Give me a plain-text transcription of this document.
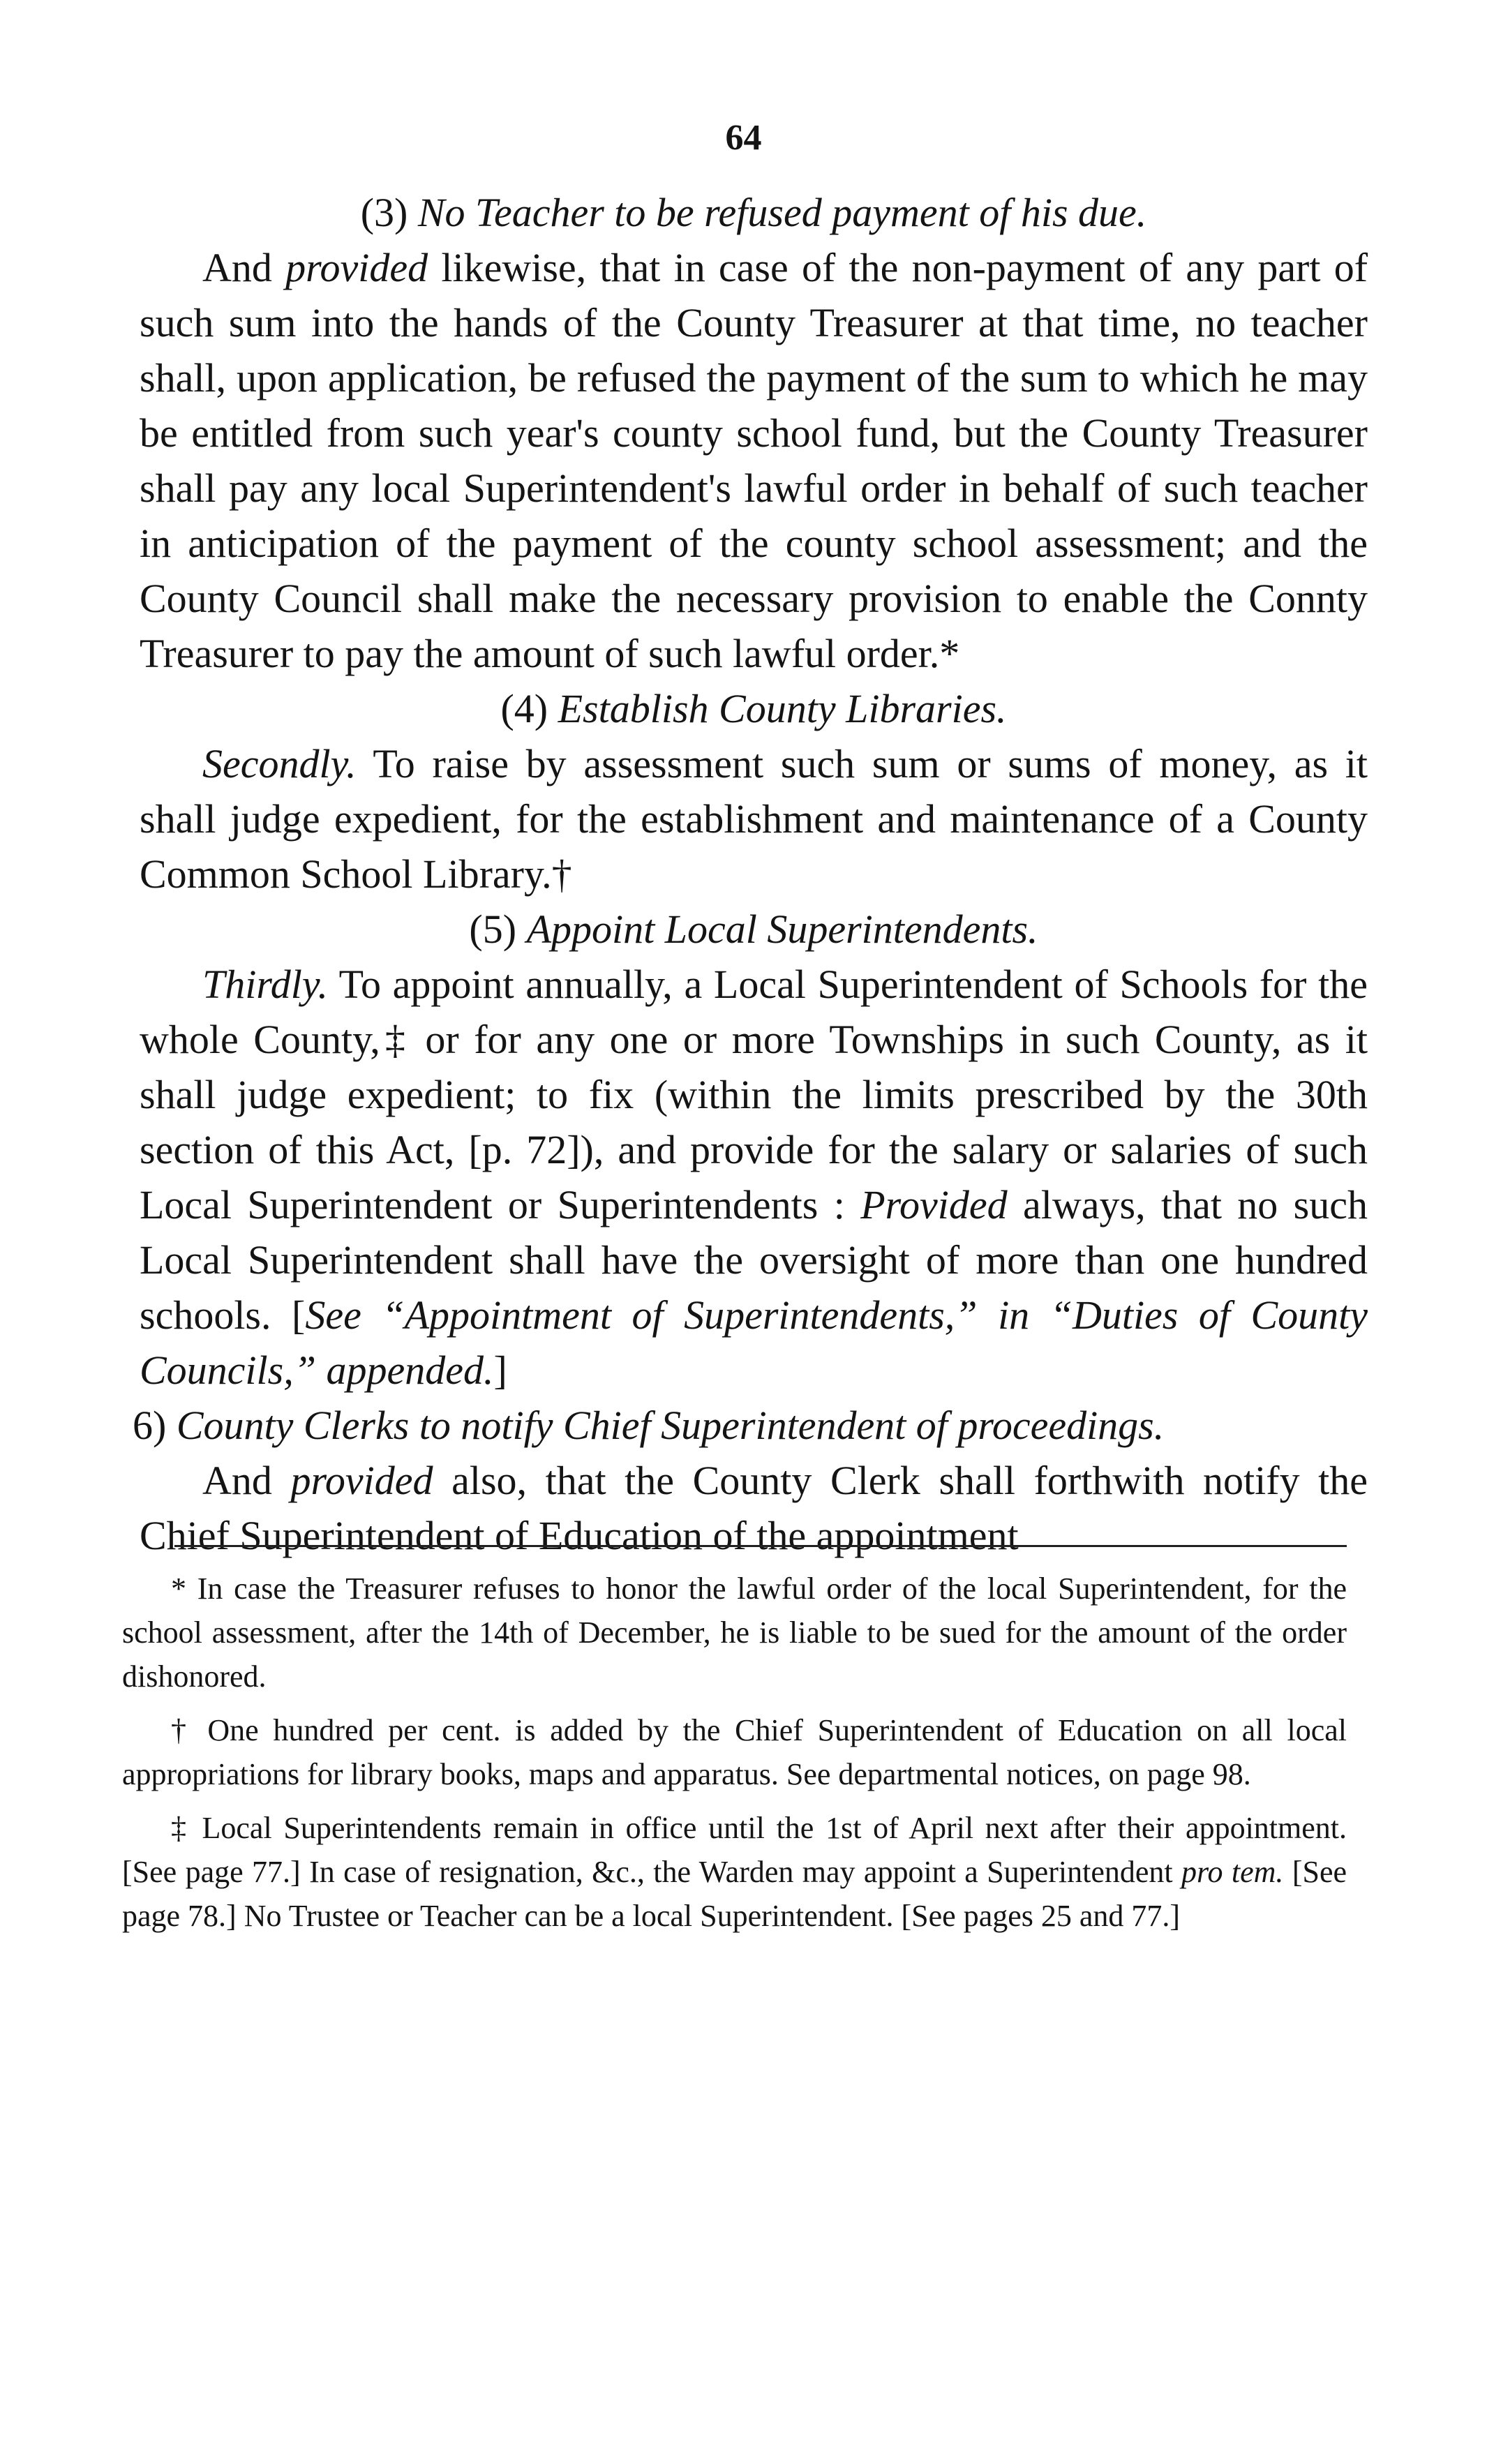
64

(3) No Teacher to be refused payment of his due.

And provided likewise, that in case of the non-payment of any part of such sum into the hands of the County Treasurer at that time, no teacher shall, upon application, be refused the payment of the sum to which he may be entitled from such year's county school fund, but the County Treasurer shall pay any local Superintendent's lawful order in behalf of such teacher in anticipation of the payment of the county school assessment; and the County Council shall make the necessary provision to enable the Connty Treasurer to pay the amount of such lawful order.*

(4) Establish County Libraries.

Secondly. To raise by assessment such sum or sums of money, as it shall judge expedient, for the establishment and maintenance of a County Common School Library.†

(5) Appoint Local Superintendents.

Thirdly. To appoint annually, a Local Superintendent of Schools for the whole County,‡ or for any one or more Townships in such County, as it shall judge expedient; to fix (within the limits prescribed by the 30th section of this Act, [p. 72]), and provide for the salary or salaries of such Local Superintendent or Superintendents : Provided always, that no such Local Superintendent shall have the oversight of more than one hundred schools. [See “Appointment of Superintendents,” in “Duties of County Councils,” appended.]

6) County Clerks to notify Chief Superintendent of proceedings.

And provided also, that the County Clerk shall forthwith notify the Chief Superintendent of Education of the appointment

* In case the Treasurer refuses to honor the lawful order of the local Superintendent, for the school assessment, after the 14th of December, he is liable to be sued for the amount of the order dishonored.

† One hundred per cent. is added by the Chief Superintendent of Education on all local appropriations for library books, maps and apparatus. See departmental notices, on page 98.

‡ Local Superintendents remain in office until the 1st of April next after their appointment. [See page 77.] In case of resignation, &c., the Warden may appoint a Superintendent pro tem. [See page 78.] No Trustee or Teacher can be a local Superintendent. [See pages 25 and 77.]
